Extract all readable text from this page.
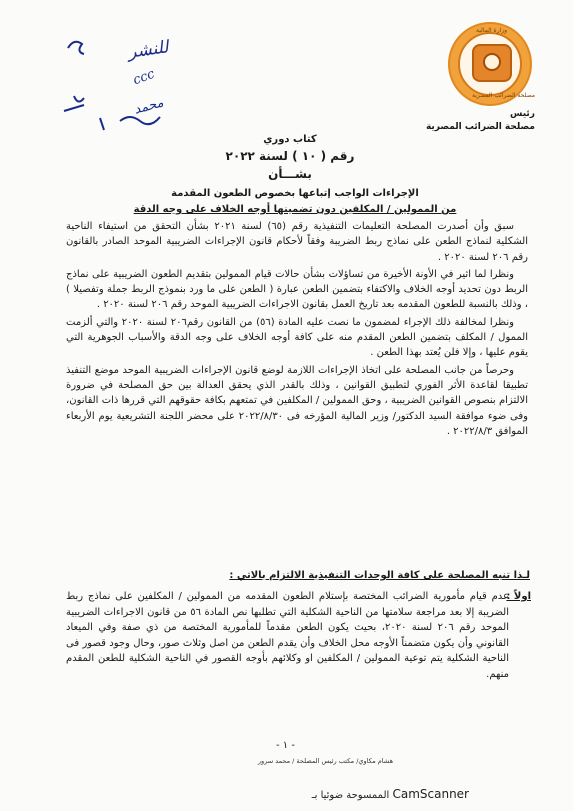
وزارة المالية
مصلحة الضرائب المصرية
رئيس
مصلحة الضرائب المصرية
للنشر
ccc
محمد
كتاب دوري
رقم ( ١٠ ) لسنة ٢٠٢٢
بشـــأن
الإجراءات الواجب إتباعها بخصوص الطعون المقدمة
من الممولين / المكلفين دون تضمينها أوجه الخلاف على وجه الدقة

سبق وأن أصدرت المصلحة التعليمات التنفيذية رقم (٦٥) لسنة ٢٠٢١ بشأن التحقق من استيفاء الناحية الشكلية لنماذج الطعن على نماذج ربط الضريبة وفقاً لأحكام قانون الإجراءات الضريبية الموحد الصادر بالقانون رقم ٢٠٦ لسنة ٢٠٢٠ .

ونظرا لما اثير في الأونة الأخيرة من تساؤلات بشأن حالات قيام الممولين بتقديم الطعون الضريبية على نماذج الربط دون تحديد أوجه الخلاف والاكتفاء بتضمين الطعن عبارة ( الطعن على ما ورد بنموذج الربط جملة وتفصيلا ) ، وذلك بالنسبة للطعون المقدمه بعد تاريخ العمل بقانون الاجراءات الضريبية الموحد رقم ٢٠٦ لسنة ٢٠٢٠ .

ونظرا لمخالفة ذلك الإجراء لمضمون ما نصت عليه المادة (٥٦) من القانون رقم٢٠٦ لسنة ٢٠٢٠ والتي ألزمت الممول / المكلف بتضمين الطعن المقدم منه على كافة أوجه الخلاف على وجه الدقة والأسباب الجوهرية التي يقوم عليها ، وإلا فلن يُعتد بهذا الطعن .

وحرصاً من جانب المصلحة على اتخاذ الإجراءات اللازمة لوضع قانون الإجراءات الضريبية الموحد موضع التنفيذ تطبيقا لقاعدة الأثر الفوري لتطبيق القوانين ، وذلك بالقدر الذي يحقق العدالة بين حق المصلحة في ضرورة الالتزام بنصوص القوانين الضريبية ، وحق الممولين / المكلفين في تمتعهم بكافة حقوقهم التي قررها ذات القانون، وفى ضوء موافقة السيد الدكتور/ وزير المالية المؤرخه فى ٢٠٢٢/٨/٣٠ على محضر اللجنة التشريعية يوم الأربعاء الموافق ٢٠٢٢/٨/٣ .

لـذا تنبه المصلحة على كافة الوحدات التنفيذية الالتزام بالاتي :
اولاً :
عدم قيام مأمورية الضرائب المختصة بإستلام الطعون المقدمه من الممولين / المكلفين على نماذج ربط الضريبة إلا بعد مراجعة سلامتها من الناحية الشكلية التي تطلبها نص المادة ٥٦ من قانون الاجراءات الضريبية الموحد رقم ٢٠٦ لسنة ٢٠٢٠، بحيث يكون الطعن مقدماً للمأمورية المختصة من ذي صفة وفي الميعاد القانوني وأن يكون متضمناً الأوجه محل الخلاف وأن يقدم الطعن من اصل وثلاث صور، وحال وجود قصور فى الناحية الشكلية يتم توعية الممولين / المكلفين او وكلائهم بأوجه القصور في الناحية الشكلية للطعن المقدم منهم.
- ١ -
هشام مكاوي/ مكتب رئيس المصلحة / محمد سرور
الممسوحة ضوئيا بـ CamScanner
